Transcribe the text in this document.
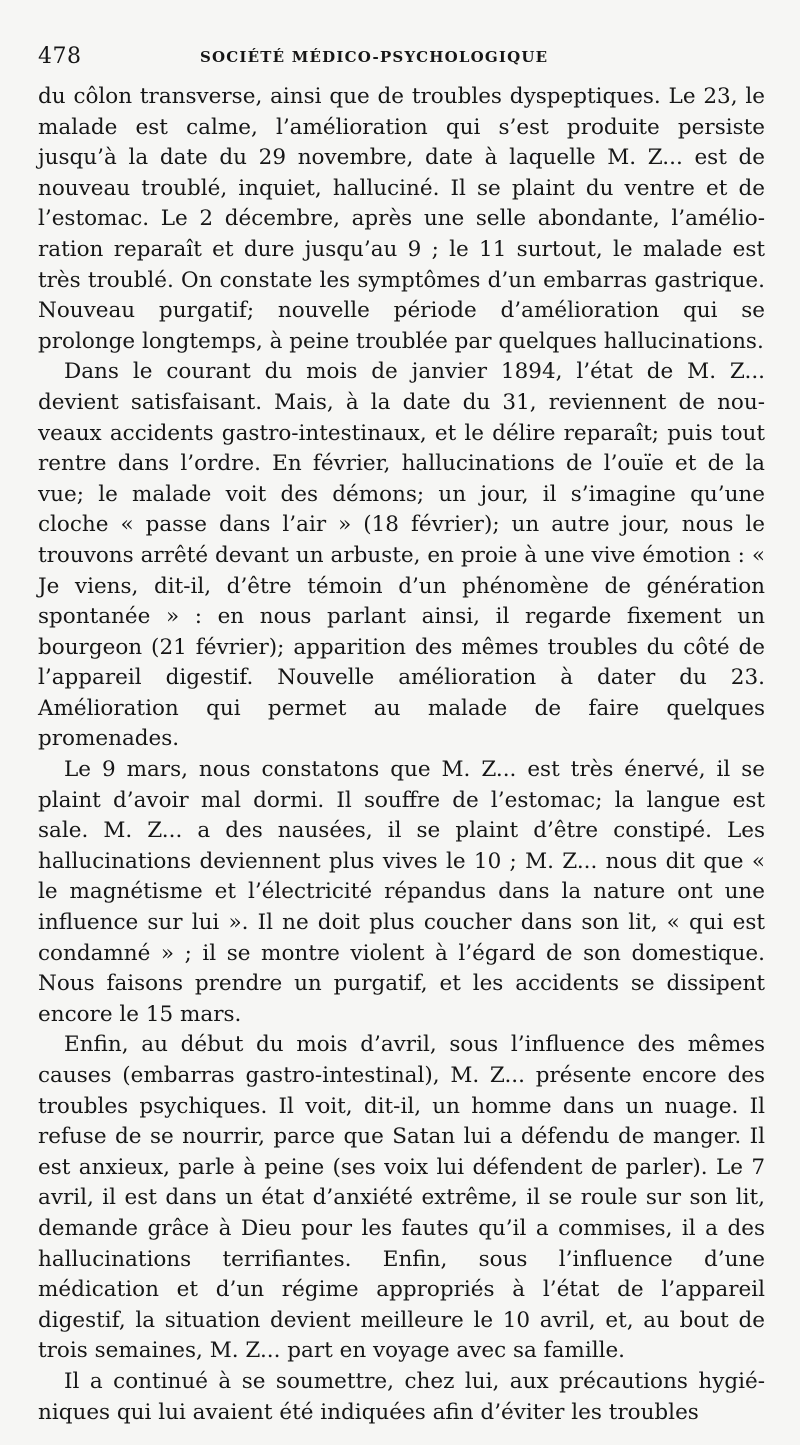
478	SOCIÉTÉ MÉDICO-PSYCHOLOGIQUE

du côlon transverse, ainsi que de troubles dyspeptiques. Le 23, le malade est calme, l’amélioration qui s’est produite persiste jusqu’à la date du 29 novembre, date à laquelle M. Z... est de nouveau troublé, inquiet, halluciné. Il se plaint du ventre et de l’estomac. Le 2 décembre, après une selle abondante, l’amélioration reparaît et dure jusqu’au 9 ; le 11 surtout, le malade est très troublé. On constate les symptômes d’un embarras gastrique. Nouveau purgatif; nouvelle période d’amélioration qui se prolonge longtemps, à peine troublée par quelques hallucinations.

Dans le courant du mois de janvier 1894, l’état de M. Z... devient satisfaisant. Mais, à la date du 31, reviennent de nouveaux accidents gastro-intestinaux, et le délire reparaît; puis tout rentre dans l’ordre. En février, hallucinations de l’ouïe et de la vue; le malade voit des démons; un jour, il s’imagine qu’une cloche « passe dans l’air » (18 février); un autre jour, nous le trouvons arrêté devant un arbuste, en proie à une vive émotion : « Je viens, dit-il, d’être témoin d’un phénomène de génération spontanée » : en nous parlant ainsi, il regarde fixement un bourgeon (21 février); apparition des mêmes troubles du côté de l’appareil digestif. Nouvelle amélioration à dater du 23. Amélioration qui permet au malade de faire quelques promenades.

Le 9 mars, nous constatons que M. Z... est très énervé, il se plaint d’avoir mal dormi. Il souffre de l’estomac; la langue est sale. M. Z... a des nausées, il se plaint d’être constipé. Les hallucinations deviennent plus vives le 10 ; M. Z... nous dit que « le magnétisme et l’électricité répandus dans la nature ont une influence sur lui ». Il ne doit plus coucher dans son lit, « qui est condamné » ; il se montre violent à l’égard de son domestique. Nous faisons prendre un purgatif, et les accidents se dissipent encore le 15 mars.

Enfin, au début du mois d’avril, sous l’influence des mêmes causes (embarras gastro-intestinal), M. Z... présente encore des troubles psychiques. Il voit, dit-il, un homme dans un nuage. Il refuse de se nourrir, parce que Satan lui a défendu de manger. Il est anxieux, parle à peine (ses voix lui défendent de parler). Le 7 avril, il est dans un état d’anxiété extrême, il se roule sur son lit, demande grâce à Dieu pour les fautes qu’il a commises, il a des hallucinations terrifiantes. Enfin, sous l’influence d’une médication et d’un régime appropriés à l’état de l’appareil digestif, la situation devient meilleure le 10 avril, et, au bout de trois semaines, M. Z... part en voyage avec sa famille.

Il a continué à se soumettre, chez lui, aux précautions hygiéniques qui lui avaient été indiquées afin d’éviter les troubles
